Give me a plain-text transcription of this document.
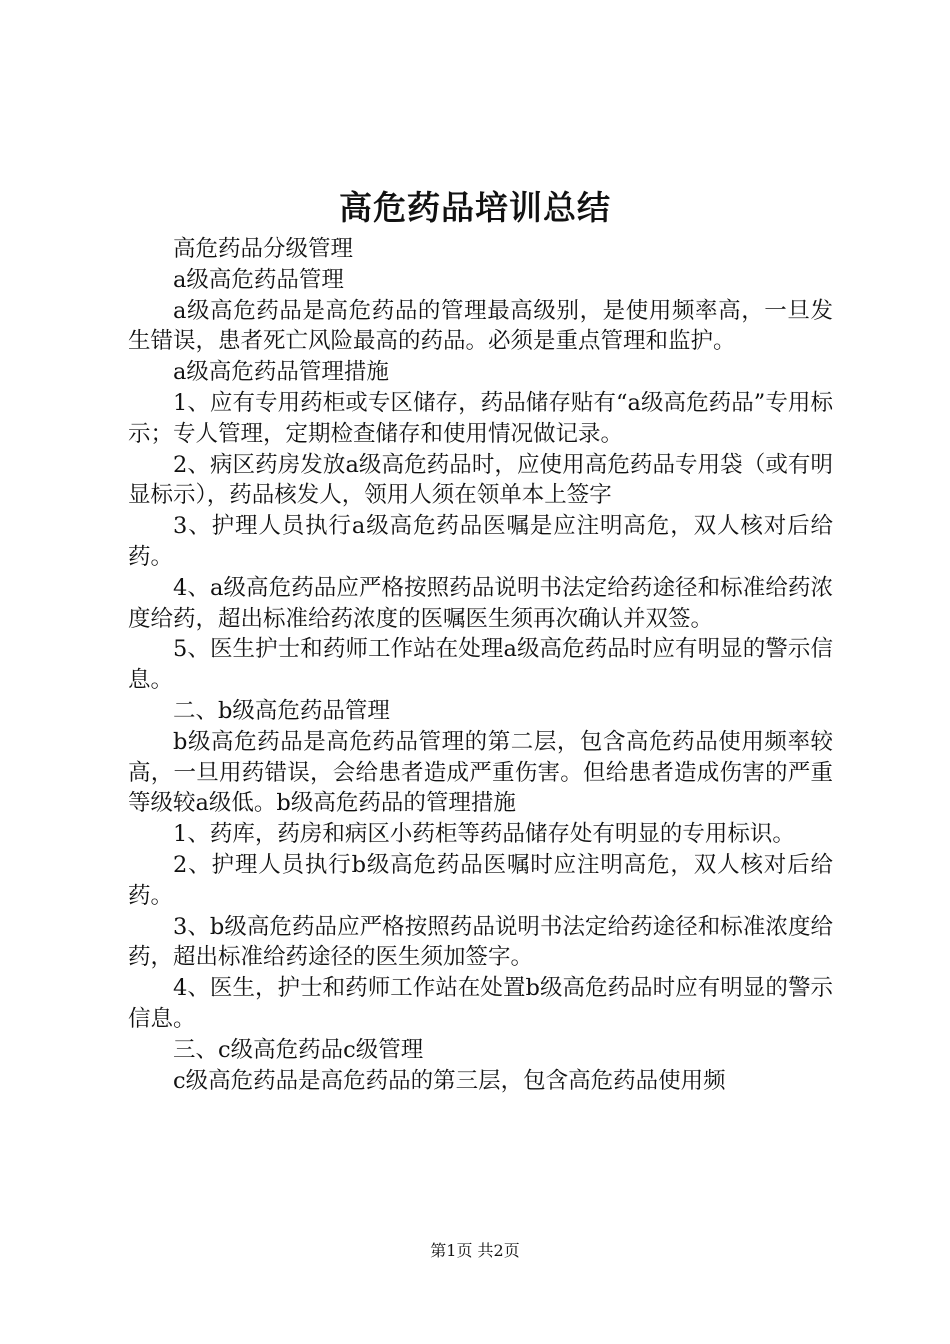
高危药品培训总结

高危药品分级管理

a级高危药品管理

a级高危药品是高危药品的管理最高级别，是使用频率高，一旦发生错误，患者死亡风险最高的药品。必须是重点管理和监护。

a级高危药品管理措施

1、应有专用药柜或专区储存，药品储存贴有“a级高危药品”专用标示；专人管理，定期检查储存和使用情况做记录。

2、病区药房发放a级高危药品时，应使用高危药品专用袋（或有明显标示），药品核发人，领用人须在领单本上签字

3、护理人员执行a级高危药品医嘱是应注明高危，双人核对后给药。

4、a级高危药品应严格按照药品说明书法定给药途径和标准给药浓度给药，超出标准给药浓度的医嘱医生须再次确认并双签。

5、医生护士和药师工作站在处理a级高危药品时应有明显的警示信息。

二、b级高危药品管理

b级高危药品是高危药品管理的第二层，包含高危药品使用频率较高，一旦用药错误，会给患者造成严重伤害。但给患者造成伤害的严重等级较a级低。b级高危药品的管理措施

1、药库，药房和病区小药柜等药品储存处有明显的专用标识。

2、护理人员执行b级高危药品医嘱时应注明高危，双人核对后给药。

3、b级高危药品应严格按照药品说明书法定给药途径和标准浓度给药，超出标准给药途径的医生须加签字。

4、医生，护士和药师工作站在处置b级高危药品时应有明显的警示信息。

三、c级高危药品c级管理

c级高危药品是高危药品的第三层，包含高危药品使用频

第1页 共2页
